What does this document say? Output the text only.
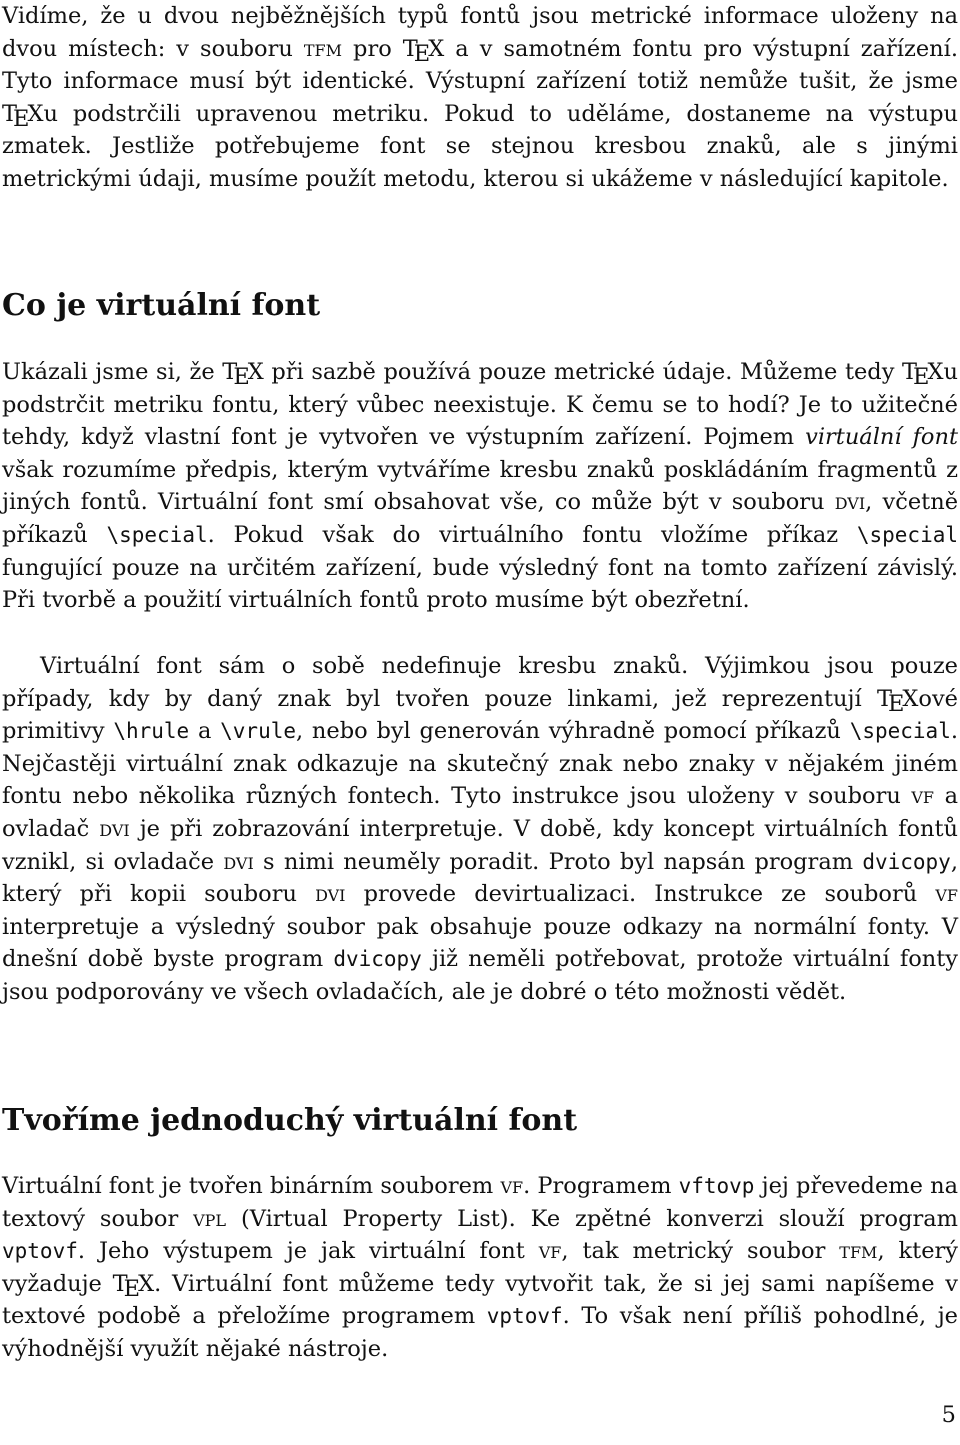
Vidíme, že u dvou nejběžnějších typů fontů jsou metrické informace uloženy na dvou místech: v souboru tfm pro TEX a v samotném fontu pro výstupní zařízení. Tyto informace musí být identické. Výstupní zařízení totiž nemůže tušit, že jsme TEXu podstrčili upravenou metriku. Pokud to uděláme, dostaneme na výstupu zmatek. Jestliže potřebujeme font se stejnou kresbou znaků, ale s jinými metrickými údaji, musíme použít metodu, kterou si ukážeme v následující kapitole.

Co je virtuální font

Ukázali jsme si, že TEX při sazbě používá pouze metrické údaje. Můžeme tedy TEXu podstrčit metriku fontu, který vůbec neexistuje. K čemu se to hodí? Je to užitečné tehdy, když vlastní font je vytvořen ve výstupním zařízení. Pojmem virtuální font však rozumíme předpis, kterým vytváříme kresbu znaků poskládáním fragmentů z jiných fontů. Virtuální font smí obsahovat vše, co může být v souboru dvi, včetně příkazů \special. Pokud však do virtuálního fontu vložíme příkaz \special fungující pouze na určitém zařízení, bude výsledný font na tomto zařízení závislý. Při tvorbě a použití virtuálních fontů proto musíme být obezřetní.

Virtuální font sám o sobě nedefinuje kresbu znaků. Výjimkou jsou pouze případy, kdy by daný znak byl tvořen pouze linkami, jež reprezentují TEXové primitivy \hrule a \vrule, nebo byl generován výhradně pomocí příkazů \special. Nejčastěji virtuální znak odkazuje na skutečný znak nebo znaky v nějakém jiném fontu nebo několika různých fontech. Tyto instrukce jsou uloženy v souboru vf a ovladač dvi je při zobrazování interpretuje. V době, kdy koncept virtuálních fontů vznikl, si ovladače dvi s nimi neuměly poradit. Proto byl napsán program dvicopy, který při kopii souboru dvi provede devirtualizaci. Instrukce ze souborů vf interpretuje a výsledný soubor pak obsahuje pouze odkazy na normální fonty. V dnešní době byste program dvicopy již neměli potřebovat, protože virtuální fonty jsou podporovány ve všech ovladačích, ale je dobré o této možnosti vědět.

Tvoříme jednoduchý virtuální font

Virtuální font je tvořen binárním souborem vf. Programem vftovp jej převedeme na textový soubor vpl (Virtual Property List). Ke zpětné konverzi slouží program vptovf. Jeho výstupem je jak virtuální font vf, tak metrický soubor tfm, který vyžaduje TEX. Virtuální font můžeme tedy vytvořit tak, že si jej sami napíšeme v textové podobě a přeložíme programem vptovf. To však není příliš pohodlné, je výhodnější využít nějaké nástroje.

5
